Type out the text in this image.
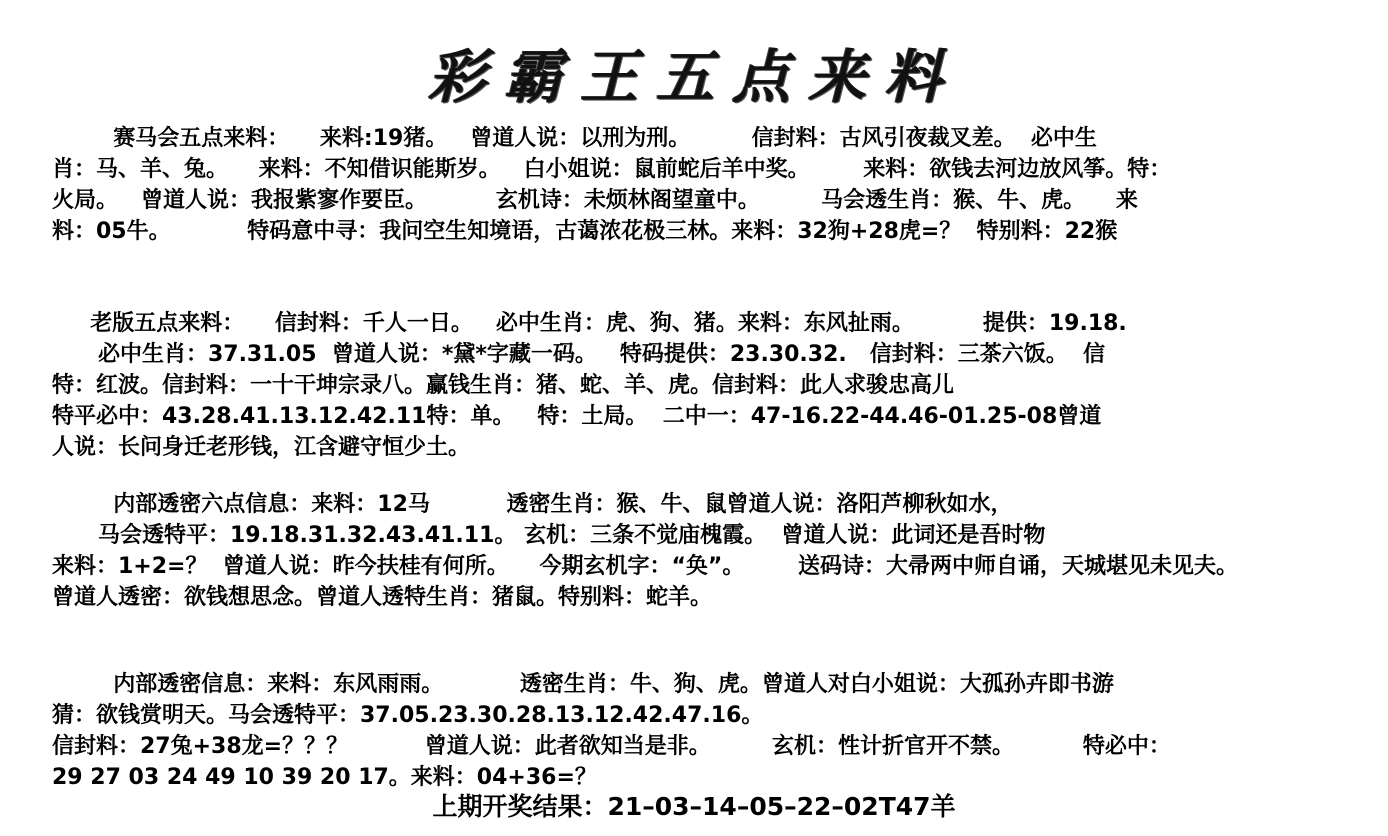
彩霸王五点来料
赛马会五点来料：    来料:19猪。   曾道人说：以刑为刑。        信封料：古风引夜裁叉差。  必中生
肖：马、羊、兔。    来料：不知借识能斯岁。   白小姐说：鼠前蛇后羊中奖。       来料：欲钱去河边放风筝。特：
火局。   曾道人说：我报紫寥作要臣。         玄机诗：未烦林阁望童中。        马会透生肖：猴、牛、虎。    来
料：05牛。          特码意中寻：我问空生知境语，古蔼浓花极三林。来料：32狗+28虎=？  特别料：22猴
老版五点来料：    信封料：千人一日。   必中生肖：虎、狗、猪。来料：东风扯雨。         提供：19.18.
必中生肖：37.31.05  曾道人说：*黛*字藏一码。   特码提供：23.30.32.   信封料：三茶六饭。  信
特：红波。信封料：一十干坤宗录八。赢钱生肖：猪、蛇、羊、虎。信封料：此人求骏忠高儿
特平必中：43.28.41.13.12.42.11特：单。   特：土局。  二中一：47-16.22-44.46-01.25-08曾道
人说：长问身迁老形钱，江含避守恒少土。
内部透密六点信息：来料：12马          透密生肖：猴、牛、鼠曾道人说：洛阳芦柳秋如水，
马会透特平：19.18.31.32.43.41.11。 玄机：三条不觉庙槐霞。  曾道人说：此词还是吾时物
来料：1+2=？  曾道人说：昨今扶桂有何所。    今期玄机字：“奂”。       送码诗：大帚两中师自诵，天城堪见未见夫。
曾道人透密：欲钱想思念。曾道人透特生肖：猪鼠。特别料：蛇羊。
内部透密信息：来料：东风雨雨。          透密生肖：牛、狗、虎。曾道人对白小姐说：大孤孙卉即书游
猜：欲钱赏明天。马会透特平：37.05.23.30.28.13.12.42.47.16。
信封料：27兔+38龙=？？？          曾道人说：此者欲知当是非。        玄机：性计折官开不禁。         特必中：
29 27 03 24 49 10 39 20 17。来料：04+36=？
上期开奖结果：21–03–14–05–22–02T47羊
